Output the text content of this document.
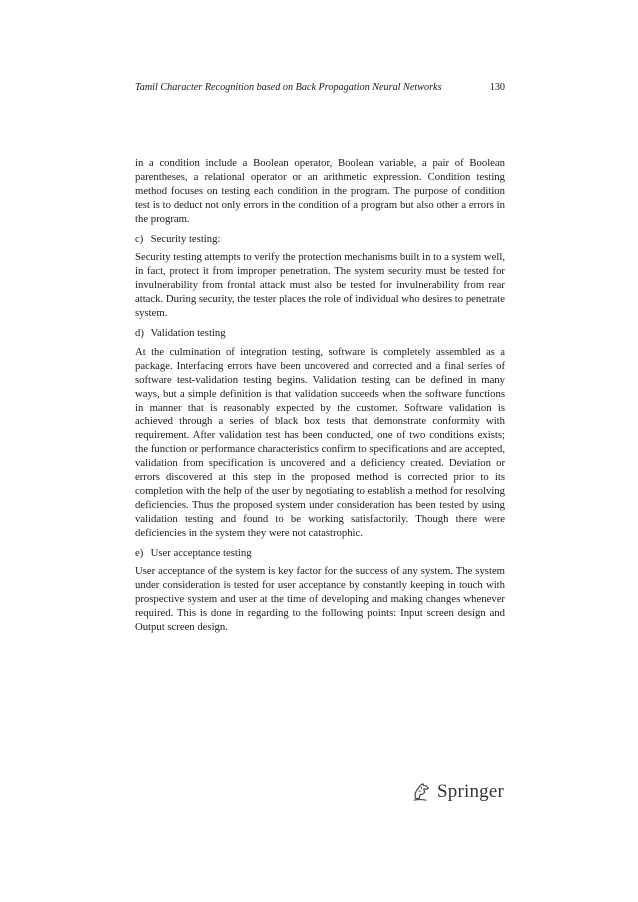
Tamil Character Recognition based on Back Propagation Neural Networks	130

in a condition include a Boolean operator, Boolean variable, a pair of Boolean parentheses, a relational operator or an arithmetic expression. Condition testing method focuses on testing each condition in the program. The purpose of condition test is to deduct not only errors in the condition of a program but also other a errors in the program.

c) Security testing:

Security testing attempts to verify the protection mechanisms built in to a system well, in fact, protect it from improper penetration. The system security must be tested for invulnerability from frontal attack must also be tested for invulnerability from rear attack. During security, the tester places the role of individual who desires to penetrate system.

d) Validation testing

At the culmination of integration testing, software is completely assembled as a package. Interfacing errors have been uncovered and corrected and a final series of software test-validation testing begins. Validation testing can be defined in many ways, but a simple definition is that validation succeeds when the software functions in manner that is reasonably expected by the customer. Software validation is achieved through a series of black box tests that demonstrate conformity with requirement. After validation test has been conducted, one of two conditions exists; the function or performance characteristics confirm to specifications and are accepted, validation from specification is uncovered and a deficiency created. Deviation or errors discovered at this step in the proposed method is corrected prior to its completion with the help of the user by negotiating to establish a method for resolving deficiencies. Thus the proposed system under consideration has been tested by using validation testing and found to be working satisfactorily. Though there were deficiencies in the system they were not catastrophic.

e) User acceptance testing

User acceptance of the system is key factor for the success of any system. The system under consideration is tested for user acceptance by constantly keeping in touch with prospective system and user at the time of developing and making changes whenever required. This is done in regarding to the following points: Input screen design and Output screen design.

Springer
